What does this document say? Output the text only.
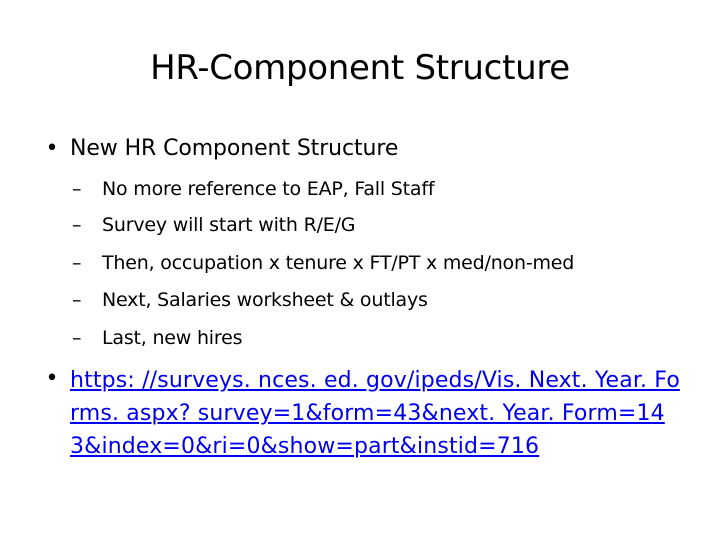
HR-Component Structure
• New HR Component Structure
–	No more reference to EAP, Fall Staff
–	Survey will start with R/E/G
–	Then, occupation x tenure x FT/PT x med/non-med
–	Next, Salaries worksheet & outlays
–	Last, new hires
• https: //surveys. nces. ed. gov/ipeds/Vis. Next. Year. Fo
rms. aspx? survey=1&form=43&next. Year. Form=14
3&index=0&ri=0&show=part&instid=716
